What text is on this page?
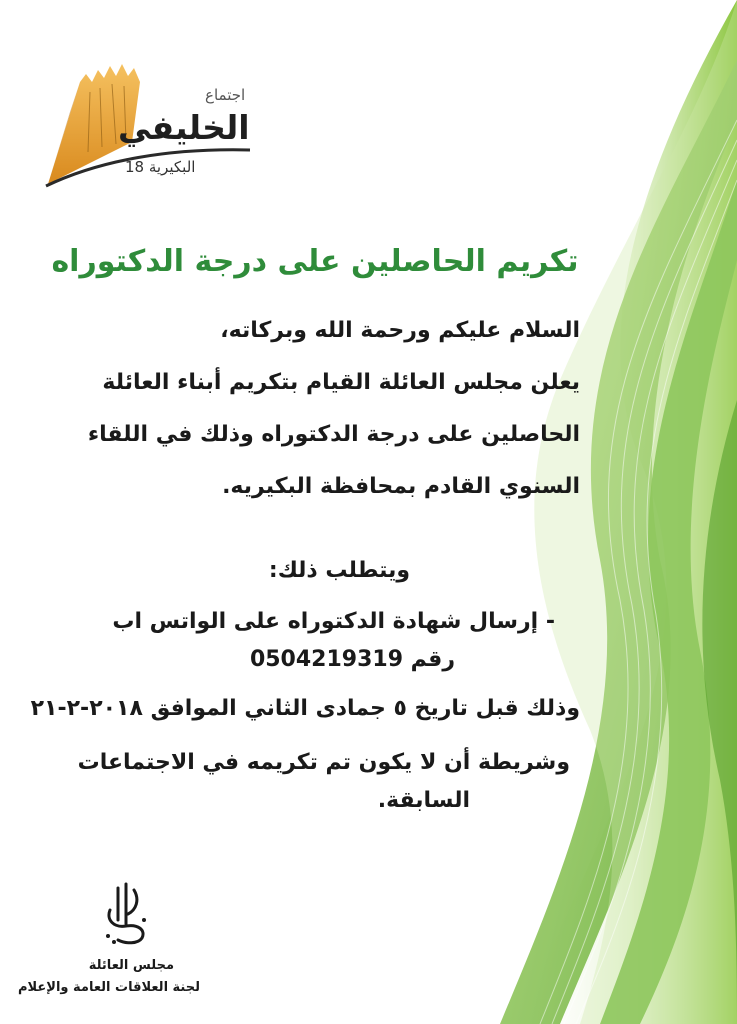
اجتماع
الخليفي
البكيرية 18
تكريم الحاصلين على درجة الدكتوراه
السلام عليكم ورحمة الله وبركاته،
يعلن مجلس العائلة القيام بتكريم أبناء العائلة
الحاصلين على درجة الدكتوراه وذلك في اللقاء
السنوي القادم بمحافظة البكيريه.
ويتطلب ذلك:
- إرسال شهادة الدكتوراه على الواتس اب
رقم 0504219319
وذلك قبل تاريخ ٥ جمادى الثاني الموافق ٢٠١٨-٢-٢١
وشريطة أن لا يكون تم تكريمه في الاجتماعات
السابقة.
مجلس العائلة
لجنة العلاقات العامة والإعلام
